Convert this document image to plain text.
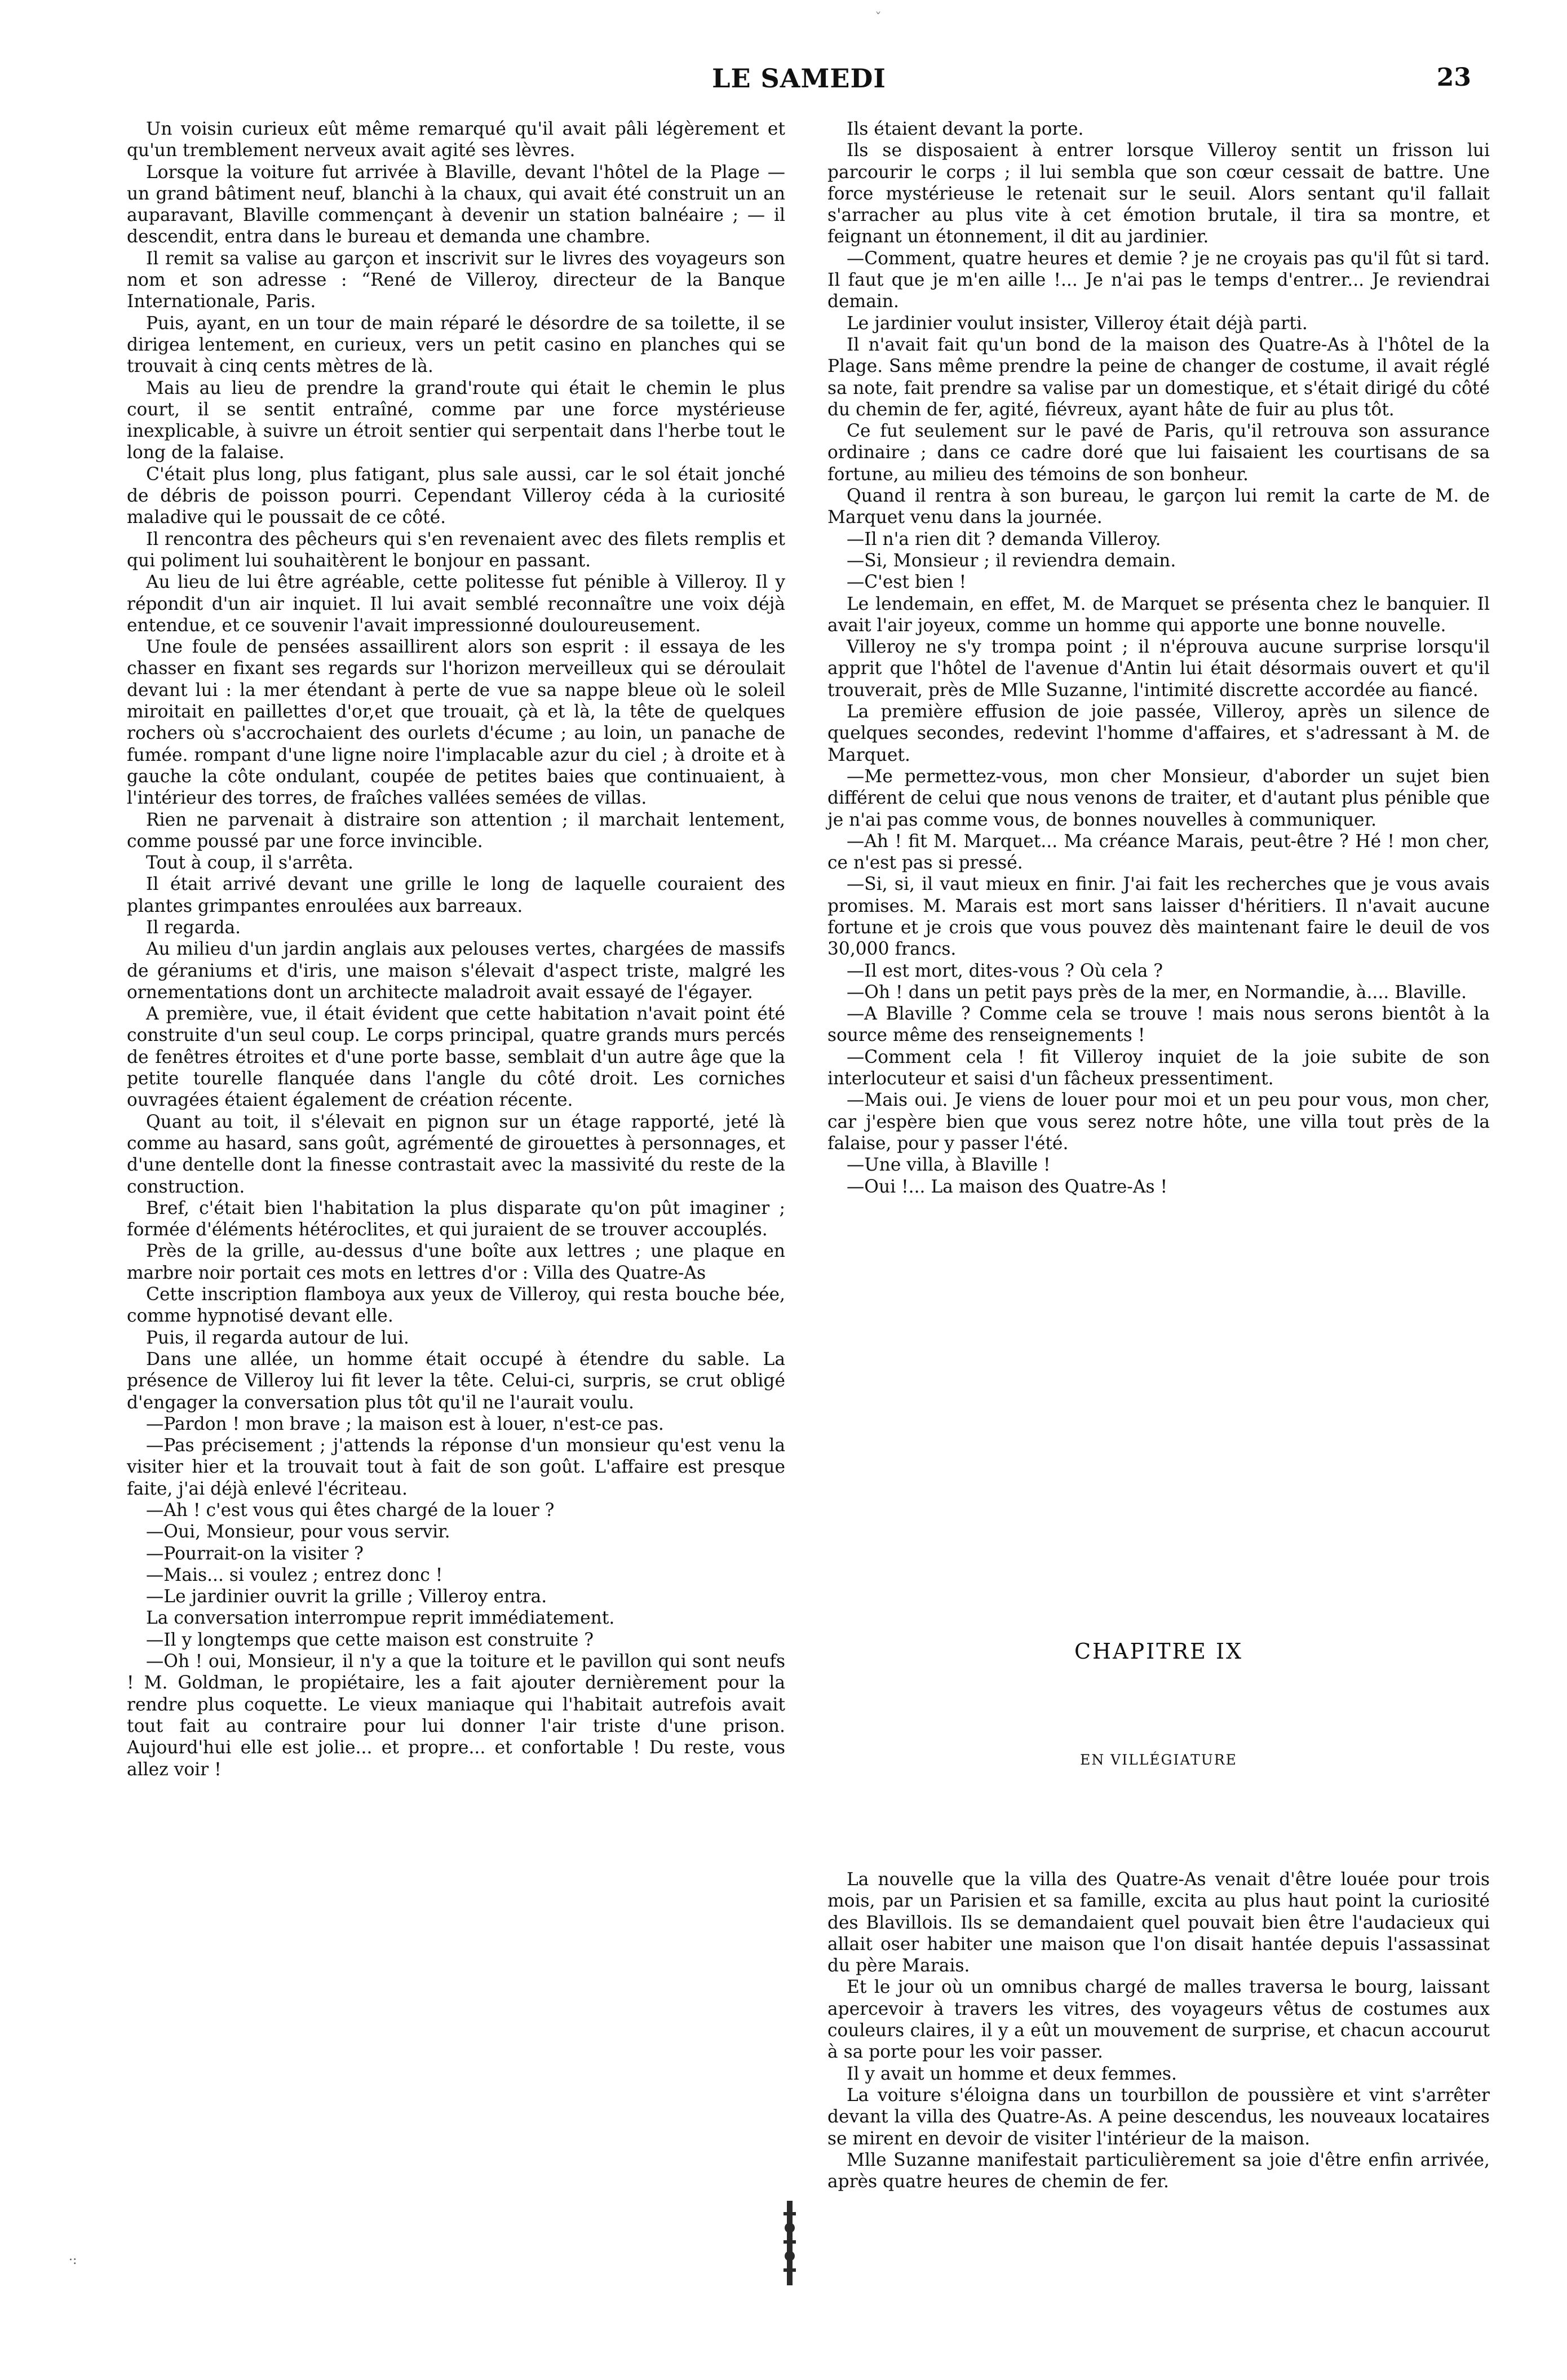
ˇ
LE SAMEDI	23

Un voisin curieux eût même remarqué qu'il avait pâli légèrement et qu'un tremblement nerveux avait agité ses lèvres.

Lorsque la voiture fut arrivée à Blaville, devant l'hôtel de la Plage — un grand bâtiment neuf, blanchi à la chaux, qui avait été construit un an auparavant, Blaville commençant à devenir un station balnéaire ; — il descendit, entra dans le bureau et demanda une chambre.

Il remit sa valise au garçon et inscrivit sur le livres des voyageurs son nom et son adresse : “René de Villeroy, directeur de la Banque Internationale, Paris.

Puis, ayant, en un tour de main réparé le désordre de sa toilette, il se dirigea lentement, en curieux, vers un petit casino en planches qui se trouvait à cinq cents mètres de là.

Mais au lieu de prendre la grand'route qui était le chemin le plus court, il se sentit entraîné, comme par une force mystérieuse inexplicable, à suivre un étroit sentier qui serpentait dans l'herbe tout le long de la falaise.

C'était plus long, plus fatigant, plus sale aussi, car le sol était jonché de débris de poisson pourri. Cependant Villeroy céda à la curiosité maladive qui le poussait de ce côté.

Il rencontra des pêcheurs qui s'en revenaient avec des filets remplis et qui poliment lui souhaitèrent le bonjour en passant.

Au lieu de lui être agréable, cette politesse fut pénible à Villeroy. Il y répondit d'un air inquiet. Il lui avait semblé reconnaître une voix déjà entendue, et ce souvenir l'avait impressionné douloureusement.

Une foule de pensées assaillirent alors son esprit : il essaya de les chasser en fixant ses regards sur l'horizon merveilleux qui se déroulait devant lui : la mer étendant à perte de vue sa nappe bleue où le soleil miroitait en paillettes d'or,et que trouait, çà et là, la tête de quelques rochers où s'accrochaient des ourlets d'écume ; au loin, un panache de fumée. rompant d'une ligne noire l'implacable azur du ciel ; à droite et à gauche la côte ondulant, coupée de petites baies que continuaient, à l'intérieur des torres, de fraîches vallées semées de villas.

Rien ne parvenait à distraire son attention ; il marchait lentement, comme poussé par une force invincible.

Tout à coup, il s'arrêta.

Il était arrivé devant une grille le long de laquelle couraient des plantes grimpantes enroulées aux barreaux.

Il regarda.

Au milieu d'un jardin anglais aux pelouses vertes, chargées de massifs de géraniums et d'iris, une maison s'élevait d'aspect triste, malgré les ornementations dont un architecte maladroit avait essayé de l'égayer.

A première, vue, il était évident que cette habitation n'avait point été construite d'un seul coup. Le corps principal, quatre grands murs percés de fenêtres étroites et d'une porte basse, semblait d'un autre âge que la petite tourelle flanquée dans l'angle du côté droit. Les corniches ouvragées étaient également de création récente.

Quant au toit, il s'élevait en pignon sur un étage rapporté, jeté là comme au hasard, sans goût, agrémenté de girouettes à personnages, et d'une dentelle dont la finesse contrastait avec la massivité du reste de la construction.

Bref, c'était bien l'habitation la plus disparate qu'on pût imaginer ; formée d'éléments hétéroclites, et qui juraient de se trouver accouplés.

Près de la grille, au-dessus d'une boîte aux lettres ; une plaque en marbre noir portait ces mots en lettres d'or : Villa des Quatre-As

Cette inscription flamboya aux yeux de Villeroy, qui resta bouche bée, comme hypnotisé devant elle.

Puis, il regarda autour de lui.

Dans une allée, un homme était occupé à étendre du sable. La présence de Villeroy lui fit lever la tête. Celui-ci, surpris, se crut obligé d'engager la conversation plus tôt qu'il ne l'aurait voulu.

—Pardon ! mon brave ; la maison est à louer, n'est-ce pas.

—Pas précisement ; j'attends la réponse d'un monsieur qu'est venu la visiter hier et la trouvait tout à fait de son goût. L'affaire est presque faite, j'ai déjà enlevé l'écriteau.

—Ah ! c'est vous qui êtes chargé de la louer ?

—Oui, Monsieur, pour vous servir.

—Pourrait-on la visiter ?

—Mais... si voulez ; entrez donc !

—Le jardinier ouvrit la grille ; Villeroy entra.

La conversation interrompue reprit immédiatement.

—Il y longtemps que cette maison est construite ?

—Oh ! oui, Monsieur, il n'y a que la toiture et le pavillon qui sont neufs ! M. Goldman, le propiétaire, les a fait ajouter dernièrement pour la rendre plus coquette. Le vieux maniaque qui l'habitait autrefois avait tout fait au contraire pour lui donner l'air triste d'une prison. Aujourd'hui elle est jolie... et propre... et confortable ! Du reste, vous allez voir !

Ils étaient devant la porte.

Ils se disposaient à entrer lorsque Villeroy sentit un frisson lui parcourir le corps ; il lui sembla que son cœur cessait de battre. Une force mystérieuse le retenait sur le seuil. Alors sentant qu'il fallait s'arracher au plus vite à cet émotion brutale, il tira sa montre, et feignant un étonnement, il dit au jardinier.

—Comment, quatre heures et demie ? je ne croyais pas qu'il fût si tard. Il faut que je m'en aille !... Je n'ai pas le temps d'entrer... Je reviendrai demain.

Le jardinier voulut insister, Villeroy était déjà parti.

Il n'avait fait qu'un bond de la maison des Quatre-As à l'hôtel de la Plage. Sans même prendre la peine de changer de costume, il avait réglé sa note, fait prendre sa valise par un domestique, et s'était dirigé du côté du chemin de fer, agité, fiévreux, ayant hâte de fuir au plus tôt.

Ce fut seulement sur le pavé de Paris, qu'il retrouva son assurance ordinaire ; dans ce cadre doré que lui faisaient les courtisans de sa fortune, au milieu des témoins de son bonheur.

Quand il rentra à son bureau, le garçon lui remit la carte de M. de Marquet venu dans la journée.

—Il n'a rien dit ? demanda Villeroy.

—Si, Monsieur ; il reviendra demain.

—C'est bien !

Le lendemain, en effet, M. de Marquet se présenta chez le banquier. Il avait l'air joyeux, comme un homme qui apporte une bonne nouvelle.

Villeroy ne s'y trompa point ; il n'éprouva aucune surprise lorsqu'il apprit que l'hôtel de l'avenue d'Antin lui était désormais ouvert et qu'il trouverait, près de Mlle Suzanne, l'intimité discrette accordée au fiancé.

La première effusion de joie passée, Villeroy, après un silence de quelques secondes, redevint l'homme d'affaires, et s'adressant à M. de Marquet.

—Me permettez-vous, mon cher Monsieur, d'aborder un sujet bien différent de celui que nous venons de traiter, et d'autant plus pénible que je n'ai pas comme vous, de bonnes nouvelles à communiquer.

—Ah ! fit M. Marquet... Ma créance Marais, peut-être ? Hé ! mon cher, ce n'est pas si pressé.

—Si, si, il vaut mieux en finir. J'ai fait les recherches que je vous avais promises. M. Marais est mort sans laisser d'héritiers. Il n'avait aucune fortune et je crois que vous pouvez dès maintenant faire le deuil de vos 30,000 francs.

—Il est mort, dites-vous ? Où cela ?

—Oh ! dans un petit pays près de la mer, en Normandie, à.... Blaville.

—A Blaville ? Comme cela se trouve ! mais nous serons bientôt à la source même des renseignements !

—Comment cela ! fit Villeroy inquiet de la joie subite de son interlocuteur et saisi d'un fâcheux pressentiment.

—Mais oui. Je viens de louer pour moi et un peu pour vous, mon cher, car j'espère bien que vous serez notre hôte, une villa tout près de la falaise, pour y passer l'été.

—Une villa, à Blaville !

—Oui !... La maison des Quatre-As !

CHAPITRE IX
EN VILLÉGIATURE

La nouvelle que la villa des Quatre-As venait d'être louée pour trois mois, par un Parisien et sa famille, excita au plus haut point la curiosité des Blavillois. Ils se demandaient quel pouvait bien être l'audacieux qui allait oser habiter une maison que l'on disait hantée depuis l'assassinat du père Marais.

Et le jour où un omnibus chargé de malles traversa le bourg, laissant apercevoir à travers les vitres, des voyageurs vêtus de costumes aux couleurs claires, il y a eût un mouvement de surprise, et chacun accourut à sa porte pour les voir passer.

Il y avait un homme et deux femmes.

La voiture s'éloigna dans un tourbillon de poussière et vint s'arrêter devant la villa des Quatre-As. A peine descendus, les nouveaux locataires se mirent en devoir de visiter l'intérieur de la maison.

Mlle Suzanne manifestait particulièrement sa joie d'être enfin arrivée, après quatre heures de chemin de fer.

·:
